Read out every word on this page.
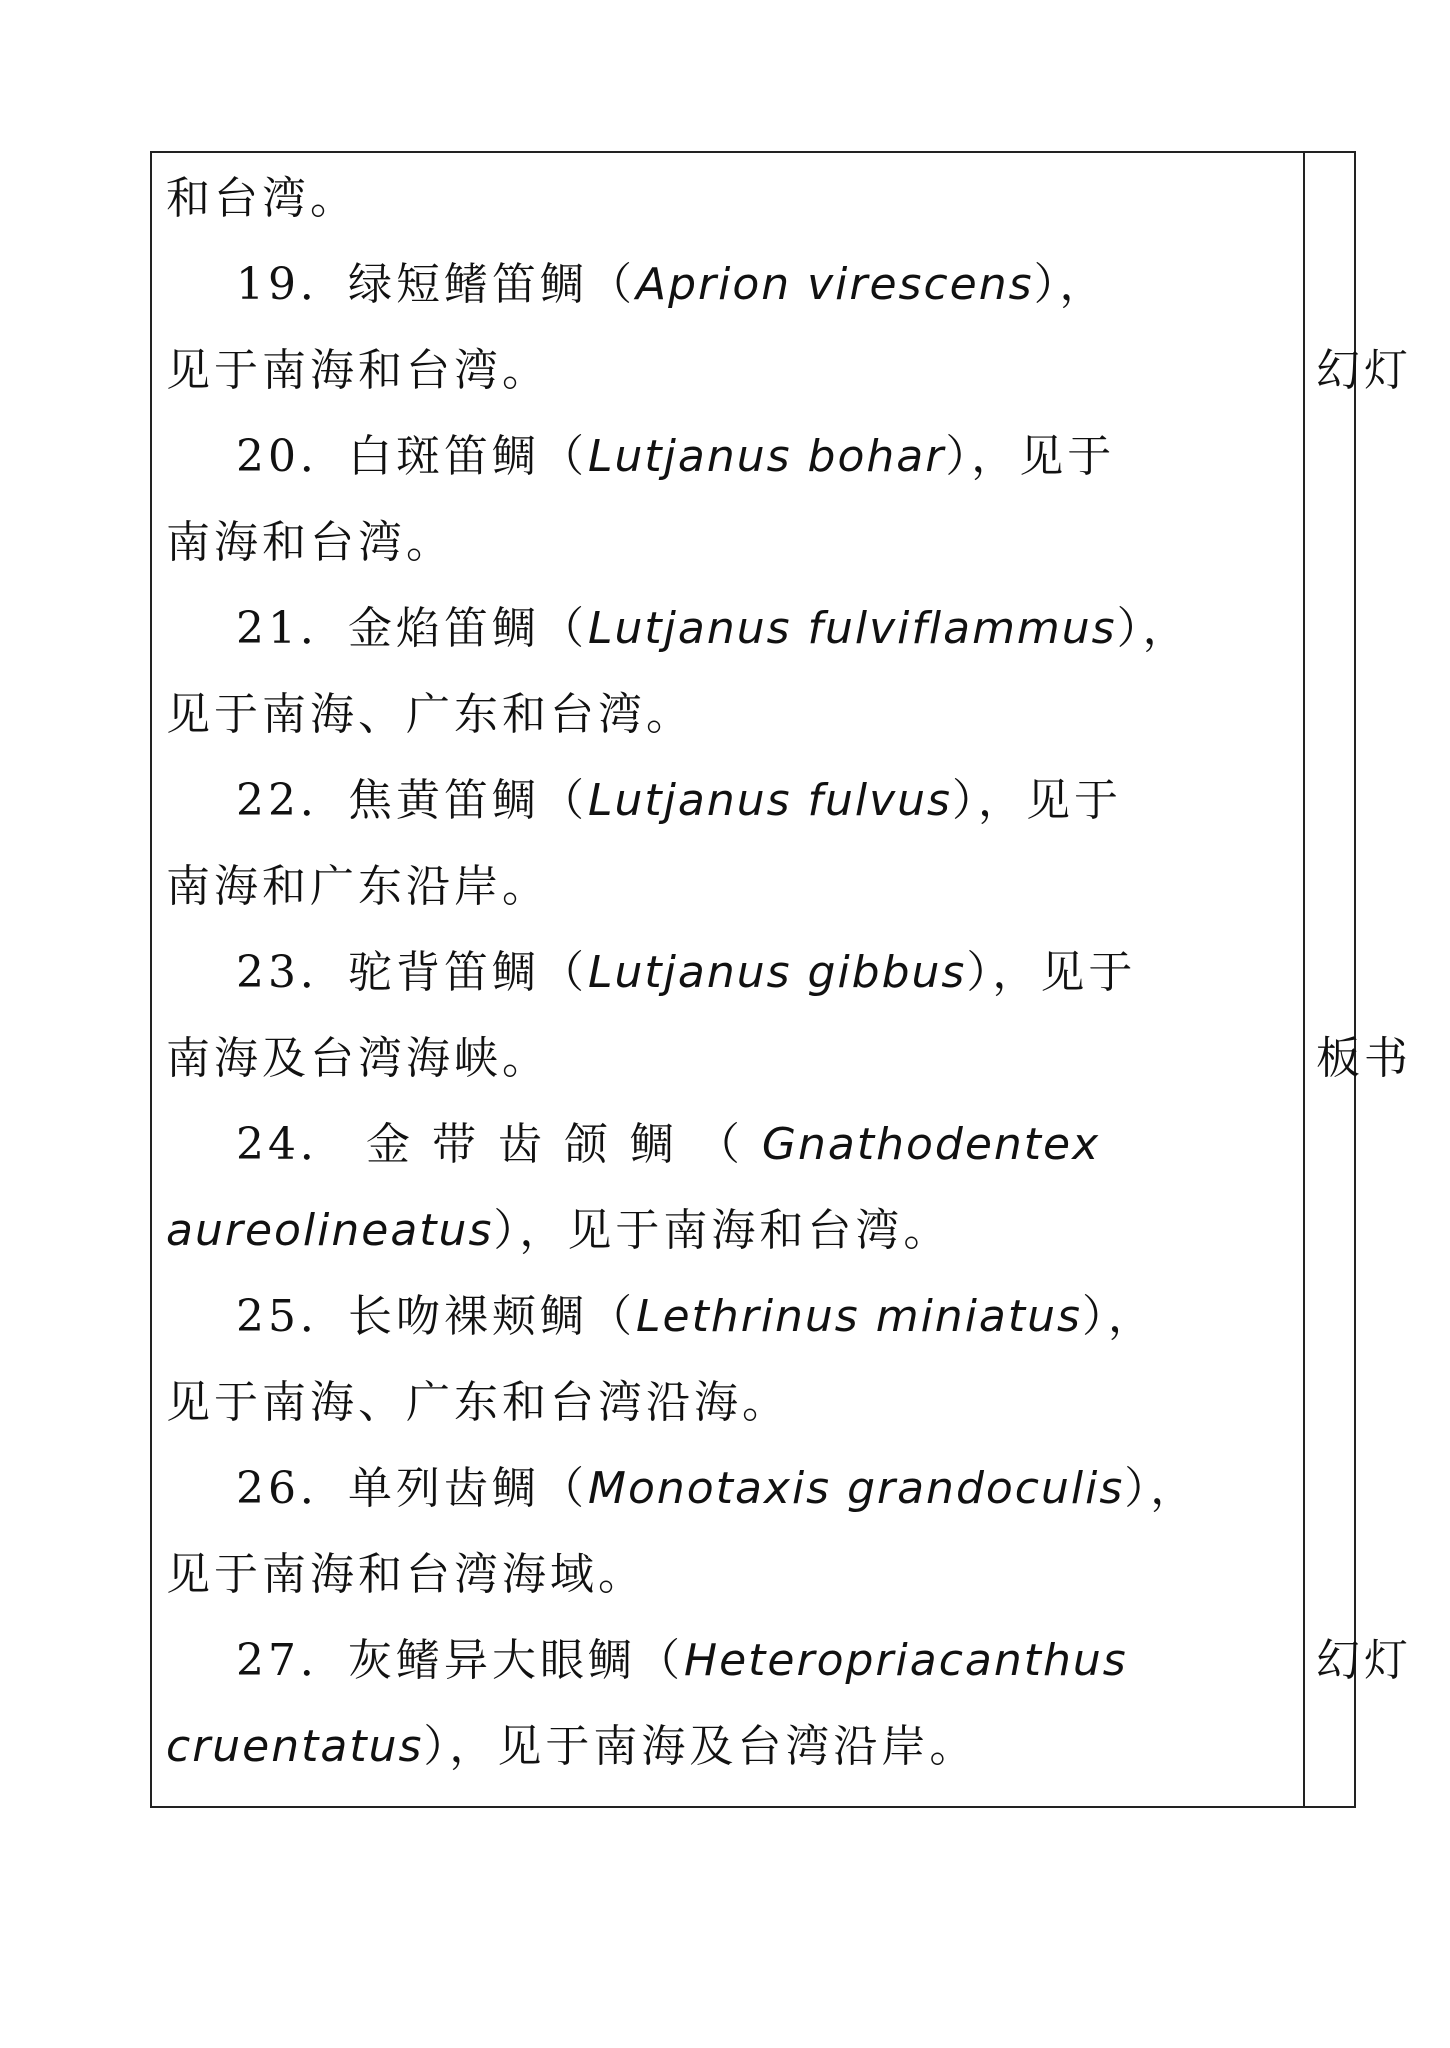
和台湾。
19．绿短鳍笛鲷（Aprion virescens），
见于南海和台湾。
20．白斑笛鲷（Lutjanus bohar），见于
南海和台湾。
21．金焰笛鲷（Lutjanus fulviflammus），
见于南海、广东和台湾。
22．焦黄笛鲷（Lutjanus fulvus），见于
南海和广东沿岸。
23．驼背笛鲷（Lutjanus gibbus），见于
南海及台湾海峡。
24． 金 带 齿 颌 鲷 （ Gnathodentex
aureolineatus），见于南海和台湾。
25．长吻裸颊鲷（Lethrinus miniatus），
见于南海、广东和台湾沿海。
26．单列齿鲷（Monotaxis grandoculis），
见于南海和台湾海域。
27．灰鳍异大眼鲷（Heteropriacanthus
cruentatus），见于南海及台湾沿岸。
幻灯
板书
幻灯
